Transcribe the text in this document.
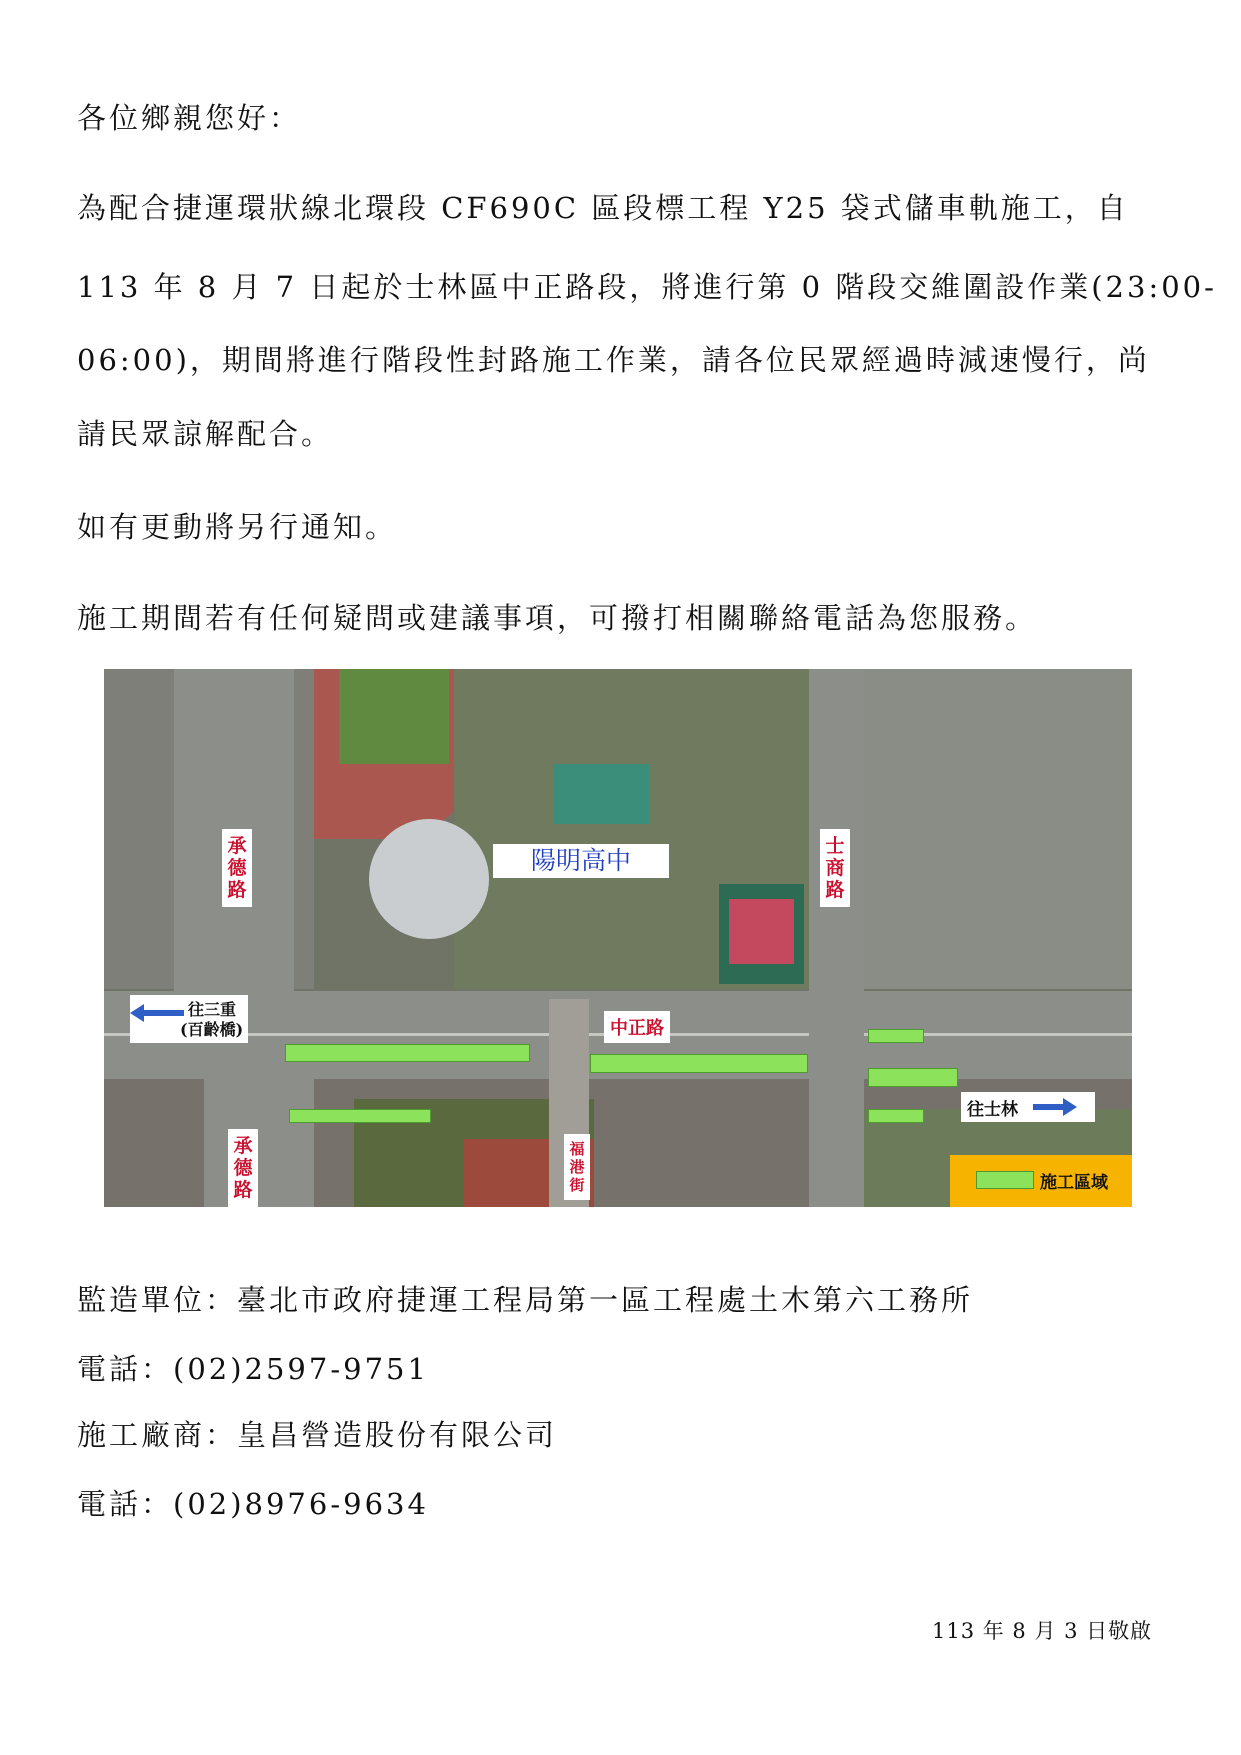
各位鄉親您好：
為配合捷運環狀線北環段 CF690C 區段標工程 Y25 袋式儲車軌施工，自
113 年 8 月 7 日起於士林區中正路段，將進行第 0 階段交維圍設作業(23:00-
06:00)，期間將進行階段性封路施工作業，請各位民眾經過時減速慢行，尚
請民眾諒解配合。
如有更動將另行通知。
施工期間若有任何疑問或建議事項，可撥打相關聯絡電話為您服務。
陽明高中
承德路
士商路
承德路
福港街
中正路
往三重
(百齡橋)
往士林
施工區域
監造單位：臺北市政府捷運工程局第一區工程處土木第六工務所
電話：(02)2597-9751
施工廠商：皇昌營造股份有限公司
電話：(02)8976-9634
113 年 8 月 3 日敬啟
